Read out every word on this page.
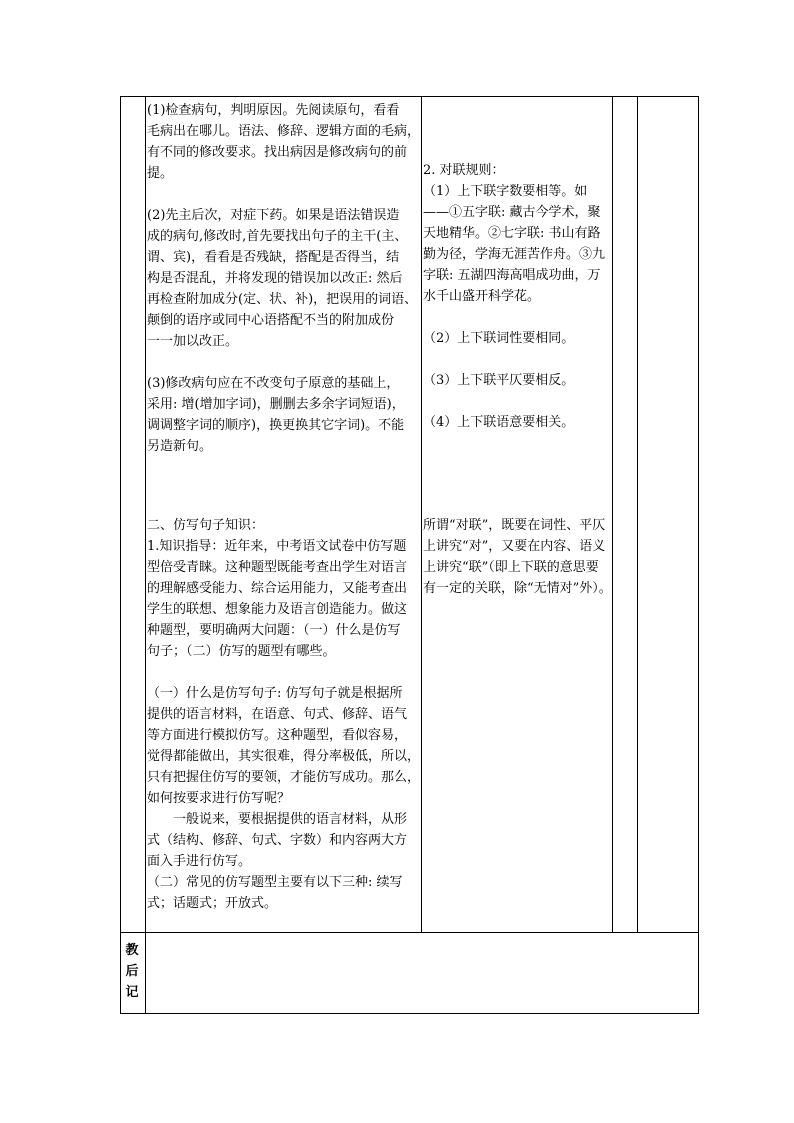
(1)检查病句，判明原因。先阅读原句，看看

毛病出在哪儿。语法、修辞、逻辑方面的毛病，

有不同的修改要求。找出病因是修改病句的前

提。

(2)先主后次，对症下药。如果是语法错误造

成的病句,修改时,首先要找出句子的主干(主、

谓、宾)，看看是否残缺，搭配是否得当，结

构是否混乱，并将发现的错误加以改正: 然后

再检查附加成分(定、状、补)，把误用的词语、

颠倒的语序或同中心语搭配不当的附加成份

一一加以改正。

(3)修改病句应在不改变句子原意的基础上，

采用: 增(增加字词)，删删去多余字词短语)，

调调整字词的顺序)，换更换其它字词)。不能

另造新句。

二、仿写句子知识：

1.知识指导：近年来，中考语文试卷中仿写题

型倍受青睐。这种题型既能考查出学生对语言

的理解感受能力、综合运用能力，又能考查出

学生的联想、想象能力及语言创造能力。做这

种题型，要明确两大问题：（一）什么是仿写

句子；（二）仿写的题型有哪些。

（一）什么是仿写句子: 仿写句子就是根据所

提供的语言材料，在语意、句式、修辞、语气

等方面进行模拟仿写。这种题型，看似容易，

觉得都能做出，其实很难，得分率极低，所以，

只有把握住仿写的要领，才能仿写成功。那么，

如何按要求进行仿写呢？

　　一般说来，要根据提供的语言材料，从形

式（结构、修辞、句式、字数）和内容两大方

面入手进行仿写。

（二）常见的仿写题型主要有以下三种: 续写

式；话题式；开放式。

2. 对联规则：

（1）上下联字数要相等。如

——①五字联: 藏古今学术，聚

天地精华。②七字联: 书山有路

勤为径，学海无涯苦作舟。③九

字联: 五湖四海高唱成功曲，万

水千山盛开科学花。

（2）上下联词性要相同。

（3）上下联平仄要相反。

（4）上下联语意要相关。

所谓“对联”，既要在词性、平仄

上讲究“对”，又要在内容、语义

上讲究“联”（即上下联的意思要

有一定的关联，除“无情对”外）。

教
后
记
